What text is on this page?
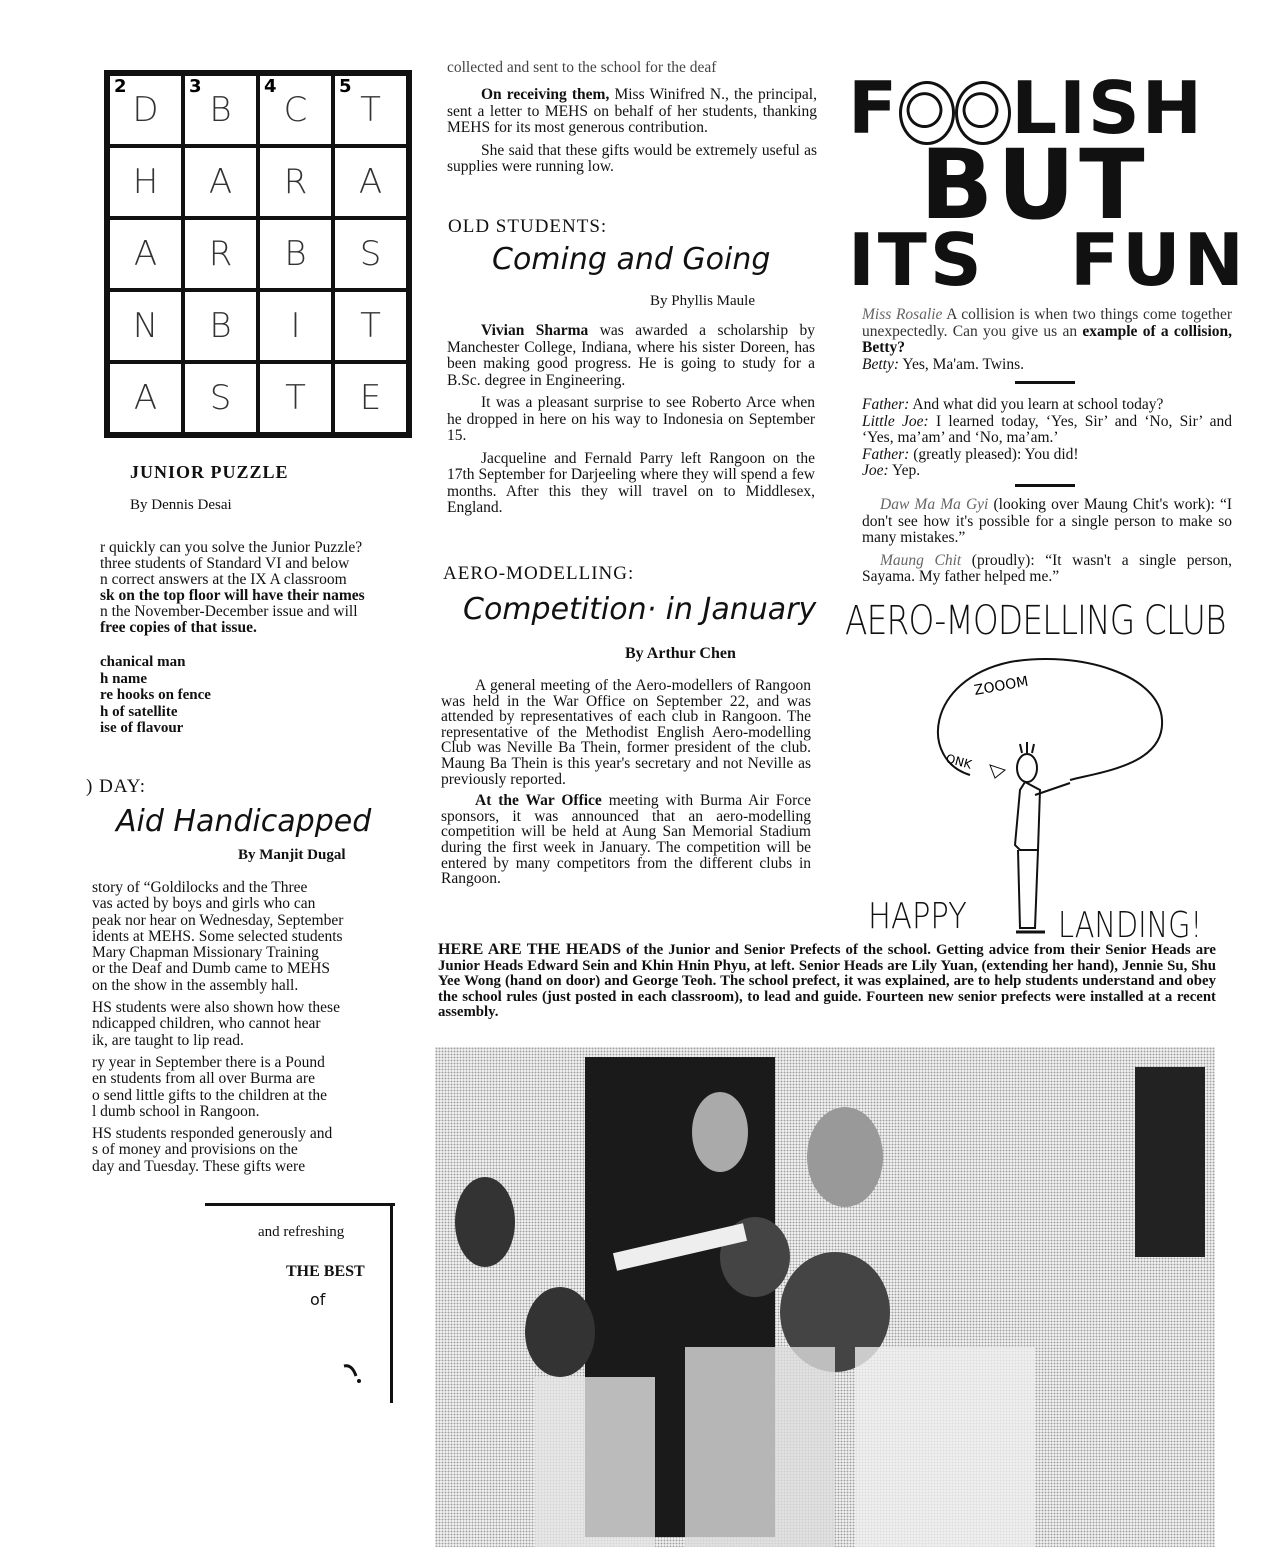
2
D
3
B
4
C
5
T
H A R A
A R B S
N B I T
A S T E
JUNIOR PUZZLE
By Dennis Desai
r quickly can you solve the Junior Puzzle?
three students of Standard VI and below
n correct answers at the IX A classroom
sk on the top floor will have their names
n the November-December issue and will
free copies of that issue.
chanical man
h name
re hooks on fence
h of satellite
ise of flavour
) DAY:
Aid Handicapped
By Manjit Dugal
story of “Goldilocks and the Three
vas acted by boys and girls who can
peak nor hear on Wednesday, September
idents at MEHS. Some selected students
Mary Chapman Missionary Training
or the Deaf and Dumb came to MEHS
on the show in the assembly hall.
HS students were also shown how these
ndicapped children, who cannot hear
ik, are taught to lip read.
ry year in September there is a Pound
en students from all over Burma are
o send little gifts to the children at the
l dumb school in Rangoon.
HS students responded generously and
s of money and provisions on the
day and Tuesday. These gifts were
and refreshing
THE BEST
of
collected and sent to the school for the deaf

On receiving them, Miss Winifred N., the principal, sent a letter to MEHS on behalf of her students, thanking MEHS for its most generous contribution.

She said that these gifts would be extremely useful as supplies were running low.

OLD STUDENTS:
Coming and Going
By Phyllis Maule

Vivian Sharma was awarded a scholarship by Manchester College, Indiana, where his sister Doreen, has been making good progress. He is going to study for a B.Sc. degree in Engineering.

It was a pleasant surprise to see Roberto Arce when he dropped in here on his way to Indonesia on September 15.

Jacqueline and Fernald Parry left Rangoon on the 17th September for Darjeeling where they will spend a few months. After this they will travel on to Middlesex, England.

AERO-MODELLING:
Competition· in January
By Arthur Chen

A general meeting of the Aero-modellers of Rangoon was held in the War Office on September 22, and was attended by representatives of each club in Rangoon. The representative of the Methodist English Aero-modelling Club was Neville Ba Thein, former president of the club. Maung Ba Thein is this year's secretary and not Neville as previously reported.

At the War Office meeting with Burma Air Force sponsors, it was announced that an aero-modelling competition will be held at Aung San Memorial Stadium during the first week in January. The competition will be entered by many competitors from the different clubs in Rangoon.

F LISH
BUT
ITS FUN
Miss Rosalie A collision is when two things come together unexpectedly. Can you give us an example of a collision, Betty?
Betty: Yes, Ma'am. Twins.
Father: And what did you learn at school today?
Little Joe: I learned today, ‘Yes, Sir’ and ‘No, Sir’ and ‘Yes, ma’am’ and ‘No, ma’am.’
Father: (greatly pleased): You did!
Joe: Yep.

Daw Ma Ma Gyi (looking over Maung Chit's work): “I don't see how it's possible for a single person to make so many mistakes.”

Maung Chit (proudly): “It wasn't a single person, Sayama. My father helped me.”

AERO-MODELLING CLUB
ZOOOM
QNK
HAPPY	LANDING!
HERE ARE THE HEADS of the Junior and Senior Prefects of the school. Getting advice from their Senior Heads are Junior Heads Edward Sein and Khin Hnin Phyu, at left. Senior Heads are Lily Yuan, (extending her hand), Jennie Su, Shu Yee Wong (hand on door) and George Teoh. The school prefect, it was explained, are to help students understand and obey the school rules (just posted in each classroom), to lead and guide. Fourteen new senior prefects were installed at a recent assembly.
